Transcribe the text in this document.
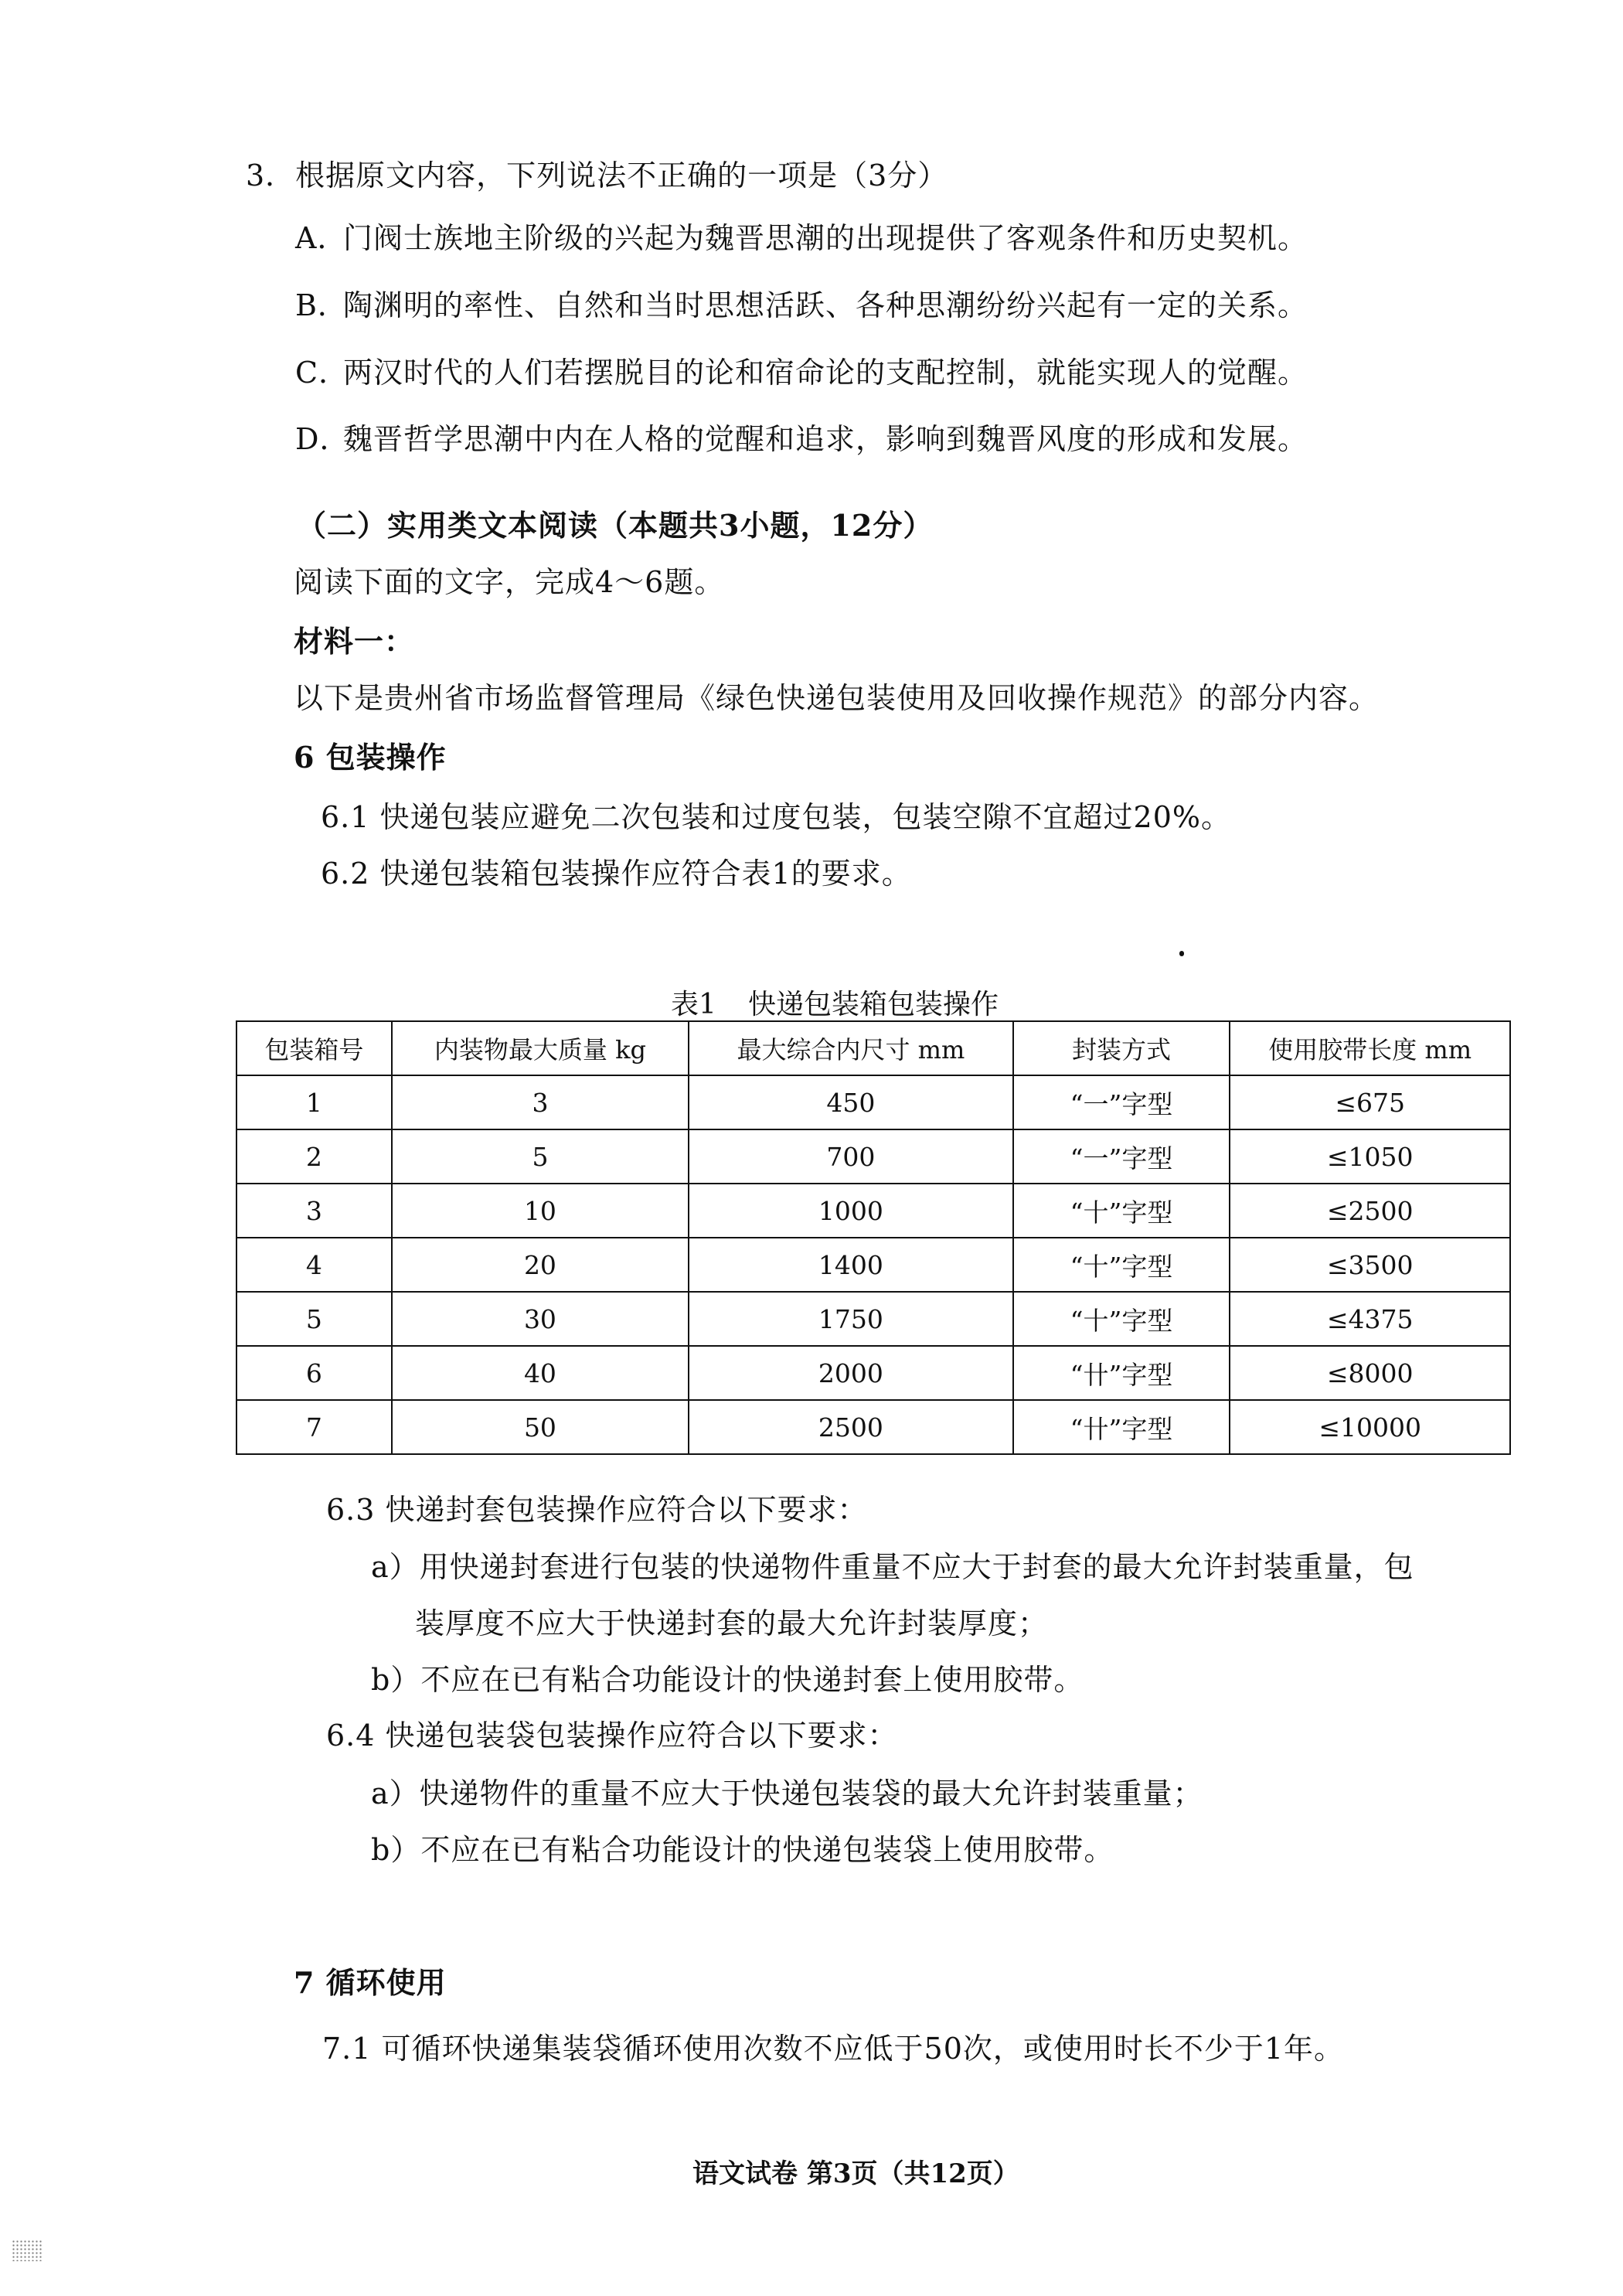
3．根据原文内容，下列说法不正确的一项是（3分）
A．门阀士族地主阶级的兴起为魏晋思潮的出现提供了客观条件和历史契机。
B．陶渊明的率性、自然和当时思想活跃、各种思潮纷纷兴起有一定的关系。
C．两汉时代的人们若摆脱目的论和宿命论的支配控制，就能实现人的觉醒。
D．魏晋哲学思潮中内在人格的觉醒和追求，影响到魏晋风度的形成和发展。
（二）实用类文本阅读（本题共3小题，12分）
阅读下面的文字，完成4～6题。
材料一：
以下是贵州省市场监督管理局《绿色快递包装使用及回收操作规范》的部分内容。
6 包装操作
6.1 快递包装应避免二次包装和过度包装，包装空隙不宜超过20%。
6.2 快递包装箱包装操作应符合表1的要求。
表1 快递包装箱包装操作
包装箱号	内装物最大质量 kg	最大综合内尺寸 mm	封装方式	使用胶带长度 mm
1	3	450	“一”字型	≤675
2	5	700	“一”字型	≤1050
3	10	1000	“十”字型	≤2500
4	20	1400	“十”字型	≤3500
5	30	1750	“十”字型	≤4375
6	40	2000	“卄”字型	≤8000
7	50	2500	“卄”字型	≤10000
6.3 快递封套包装操作应符合以下要求：
a）用快递封套进行包装的快递物件重量不应大于封套的最大允许封装重量，包
装厚度不应大于快递封套的最大允许封装厚度；
b）不应在已有粘合功能设计的快递封套上使用胶带。
6.4 快递包装袋包装操作应符合以下要求：
a）快递物件的重量不应大于快递包装袋的最大允许封装重量；
b）不应在已有粘合功能设计的快递包装袋上使用胶带。
7 循环使用
7.1 可循环快递集装袋循环使用次数不应低于50次，或使用时长不少于1年。
语文试卷 第3页（共12页）
